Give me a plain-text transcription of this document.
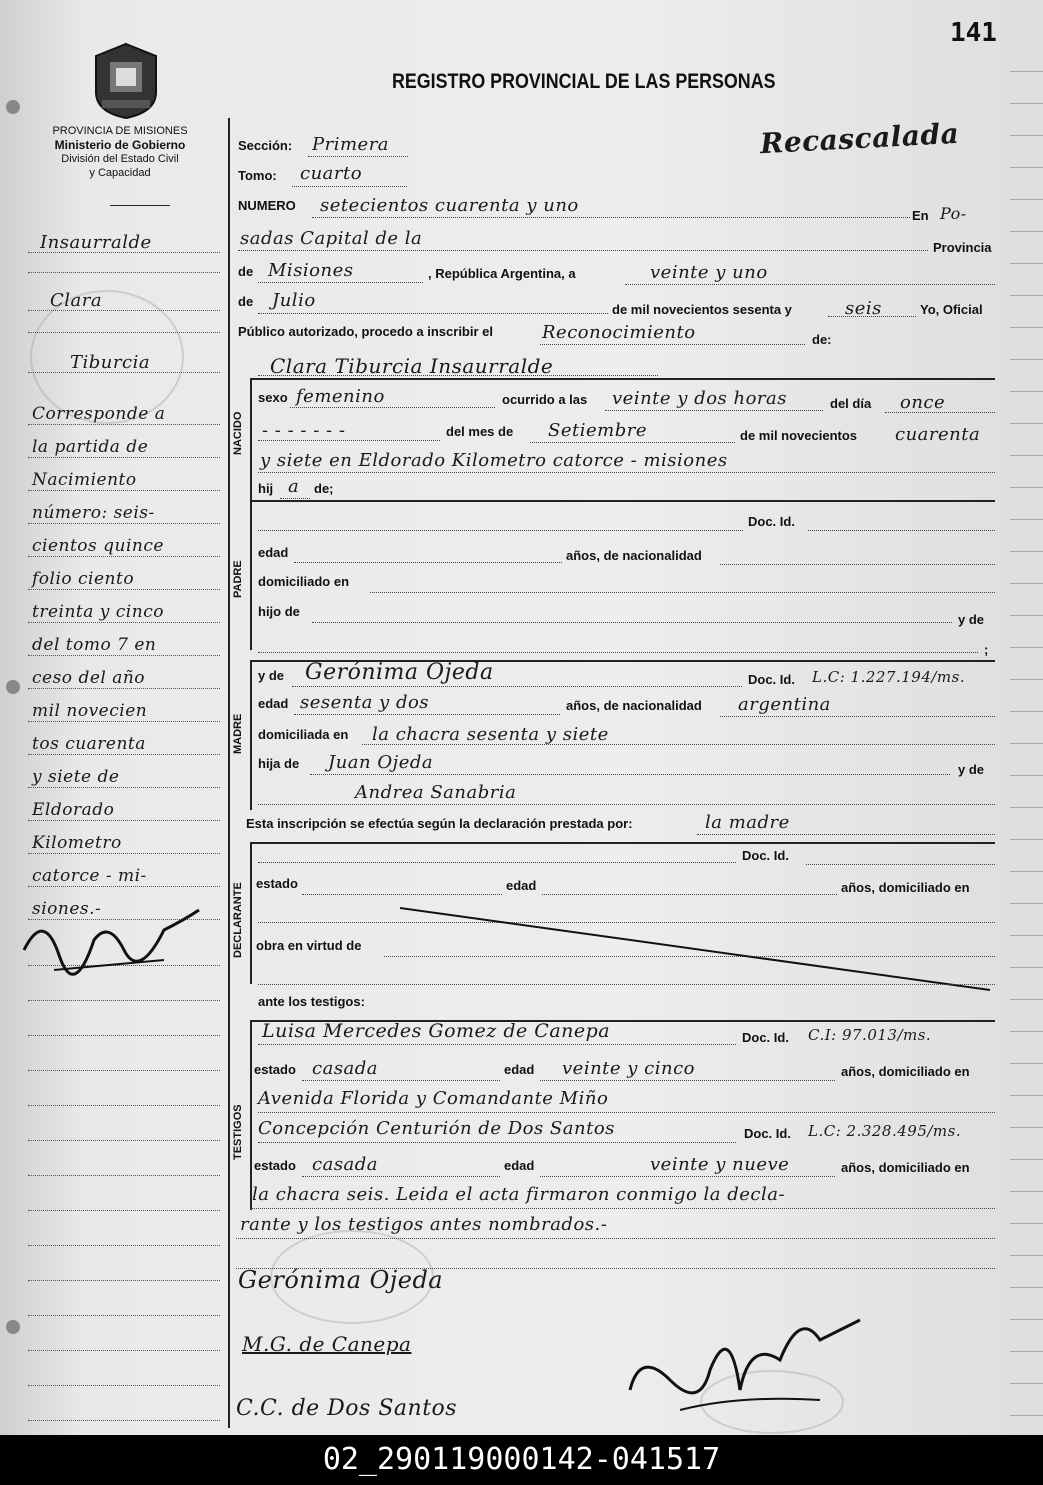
141
PROVINCIA DE MISIONES
Ministerio de Gobierno
División del Estado Civil
y Capacidad
REGISTRO PROVINCIAL DE LAS PERSONAS
Recascalada
Insaurralde
Clara
Tiburcia
Corresponde a
la partida de
Nacimiento
número: seis-
cientos quince
folio ciento
treinta y cinco
del tomo 7 en
ceso del año
mil novecien
tos cuarenta
y siete de
Eldorado
Kilometro
catorce - mi-
siones.-
Sección: Primera
Tomo: cuarto
NUMERO setecientos cuarenta y uno	En Po-
sadas Capital de la	Provincia
de Misiones	, República Argentina, a	veinte y uno
de Julio	de mil novecientos sesenta y	seis	Yo, Oficial
Público autorizado, procedo a inscribir el	Reconocimiento	de:
Clara Tiburcia Insaurralde
NACIDO
sexo femenino	ocurrido a las veinte y dos horas	del día once
- - - - - - -	del mes de Setiembre	de mil novecientos cuarenta
y siete en Eldorado Kilometro catorce - misiones
hij a de;
PADRE
Doc. Id.
edad	años, de nacionalidad
domiciliado en
hijo de
y de
;
MADRE
y de Gerónima Ojeda	Doc. Id. L.C: 1.227.194/ms.
edad sesenta y dos	años, de nacionalidad argentina
domiciliada en la chacra sesenta y siete
hija de Juan Ojeda	y de
Andrea Sanabria
Esta inscripción se efectúa según la declaración prestada por:	la madre
DECLARANTE
Doc. Id.
estado	edad	años, domiciliado en
obra en virtud de
ante los testigos:
TESTIGOS
Luisa Mercedes Gomez de Canepa	Doc. Id. C.I: 97.013/ms.
estado casada	edad veinte y cinco	años, domiciliado en
Avenida Florida y Comandante Miño
Concepción Centurión de Dos Santos	Doc. Id. L.C: 2.328.495/ms.
estado casada	edad	veinte y nueve	años, domiciliado en
la chacra seis. Leida el acta firmaron conmigo la decla-
rante y los testigos antes nombrados.-
Gerónima Ojeda
M.G. de Canepa
C.C. de Dos Santos
02_290119000142-041517
